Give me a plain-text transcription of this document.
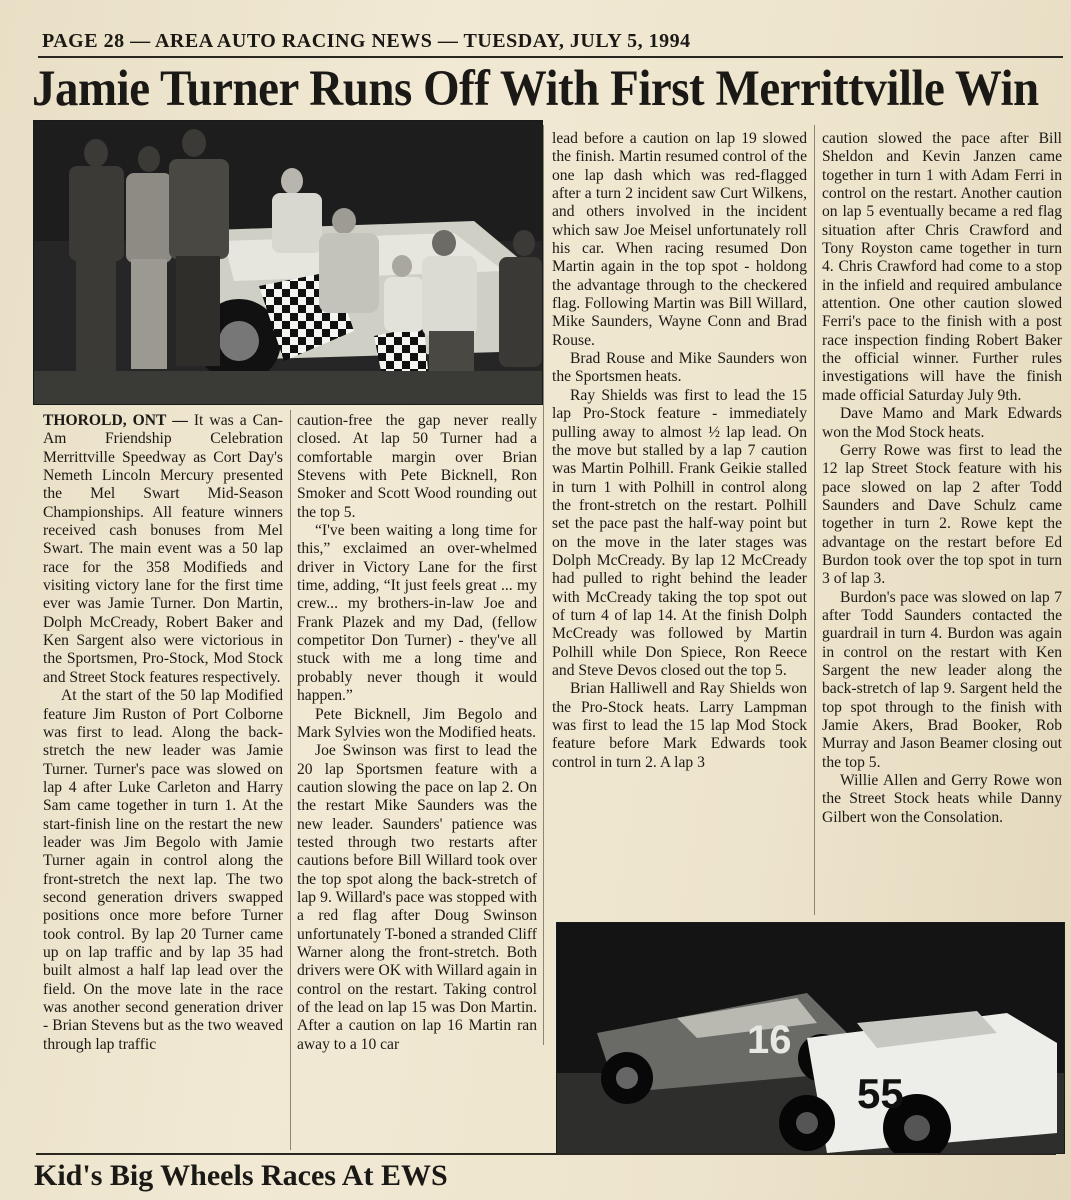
PAGE 28 — AREA AUTO RACING NEWS — TUESDAY, JULY 5, 1994
Jamie Turner Runs Off With First Merrittville Win

THOROLD, ONT — It was a Can-Am Friendship Celebration Merrittville Speedway as Cort Day's Nemeth Lincoln Mercury presented the Mel Swart Mid-Season Championships. All feature winners received cash bonuses from Mel Swart. The main event was a 50 lap race for the 358 Modifieds and visiting victory lane for the first time ever was Jamie Turner. Don Martin, Dolph McCready, Robert Baker and Ken Sargent also were victorious in the Sportsmen, Pro-Stock, Mod Stock and Street Stock features respectively.

At the start of the 50 lap Modified feature Jim Ruston of Port Colborne was first to lead. Along the back-stretch the new leader was Jamie Turner. Turner's pace was slowed on lap 4 after Luke Carleton and Harry Sam came together in turn 1. At the start-finish line on the restart the new leader was Jim Begolo with Jamie Turner again in control along the front-stretch the next lap. The two second generation drivers swapped positions once more before Turner took control. By lap 20 Turner came up on lap traffic and by lap 35 had built almost a half lap lead over the field. On the move late in the race was another second generation driver - Brian Stevens but as the two weaved through lap traffic

caution-free the gap never really closed. At lap 50 Turner had a comfortable margin over Brian Stevens with Pete Bicknell, Ron Smoker and Scott Wood rounding out the top 5.

“I've been waiting a long time for this,” exclaimed an over-whelmed driver in Victory Lane for the first time, adding, “It just feels great ... my crew... my brothers-in-law Joe and Frank Plazek and my Dad, (fellow competitor Don Turner) - they've all stuck with me a long time and probably never though it would happen.”

Pete Bicknell, Jim Begolo and Mark Sylvies won the Modified heats.

Joe Swinson was first to lead the 20 lap Sportsmen feature with a caution slowing the pace on lap 2. On the restart Mike Saunders was the new leader. Saunders' patience was tested through two restarts after cautions before Bill Willard took over the top spot along the back-stretch of lap 9. Willard's pace was stopped with a red flag after Doug Swinson unfortunately T-boned a stranded Cliff Warner along the front-stretch. Both drivers were OK with Willard again in control on the restart. Taking control of the lead on lap 15 was Don Martin. After a caution on lap 16 Martin ran away to a 10 car

lead before a caution on lap 19 slowed the finish. Martin resumed control of the one lap dash which was red-flagged after a turn 2 incident saw Curt Wilkens, and others involved in the incident which saw Joe Meisel unfortunately roll his car. When racing resumed Don Martin again in the top spot - holdong the advantage through to the checkered flag. Following Martin was Bill Willard, Mike Saunders, Wayne Conn and Brad Rouse.

Brad Rouse and Mike Saunders won the Sportsmen heats.

Ray Shields was first to lead the 15 lap Pro-Stock feature - immediately pulling away to almost ½ lap lead. On the move but stalled by a lap 7 caution was Martin Polhill. Frank Geikie stalled in turn 1 with Polhill in control along the front-stretch on the restart. Polhill set the pace past the half-way point but on the move in the later stages was Dolph McCready. By lap 12 McCready had pulled to right behind the leader with McCready taking the top spot out of turn 4 of lap 14. At the finish Dolph McCready was followed by Martin Polhill while Don Spiece, Ron Reece and Steve Devos closed out the top 5.

Brian Halliwell and Ray Shields won the Pro-Stock heats. Larry Lampman was first to lead the 15 lap Mod Stock feature before Mark Edwards took control in turn 2. A lap 3

caution slowed the pace after Bill Sheldon and Kevin Janzen came together in turn 1 with Adam Ferri in control on the restart. Another caution on lap 5 eventually became a red flag situation after Chris Crawford and Tony Royston came together in turn 4. Chris Crawford had come to a stop in the infield and required ambulance attention. One other caution slowed Ferri's pace to the finish with a post race inspection finding Robert Baker the official winner. Further rules investigations will have the finish made official Saturday July 9th.

Dave Mamo and Mark Edwards won the Mod Stock heats.

Gerry Rowe was first to lead the 12 lap Street Stock feature with his pace slowed on lap 2 after Todd Saunders and Dave Schulz came together in turn 2. Rowe kept the advantage on the restart before Ed Burdon took over the top spot in turn 3 of lap 3.

Burdon's pace was slowed on lap 7 after Todd Saunders contacted the guardrail in turn 4. Burdon was again in control on the restart with Ken Sargent the new leader along the back-stretch of lap 9. Sargent held the top spot through to the finish with Jamie Akers, Brad Booker, Rob Murray and Jason Beamer closing out the top 5.

Willie Allen and Gerry Rowe won the Street Stock heats while Danny Gilbert won the Consolation.

16
55
Kid's Big Wheels Races At EWS
